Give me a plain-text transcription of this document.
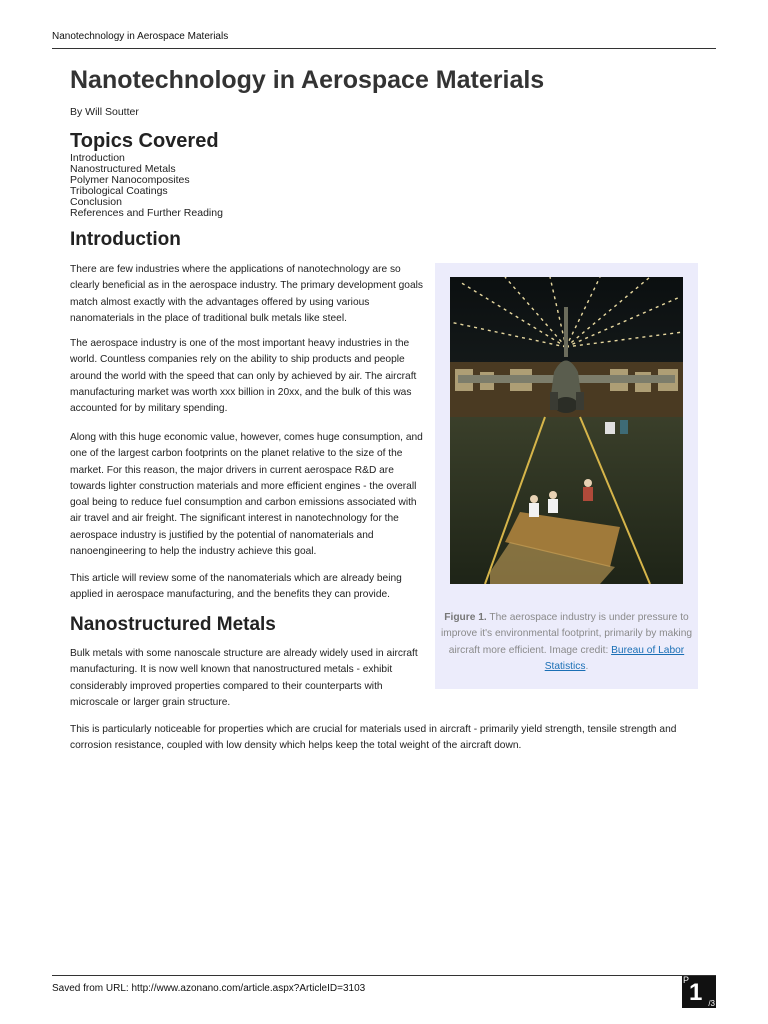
Nanotechnology in Aerospace Materials
Nanotechnology in Aerospace Materials
By Will Soutter
Topics Covered
Introduction
Nanostructured Metals
Polymer Nanocomposites
Tribological Coatings
Conclusion
References and Further Reading
Introduction

There are few industries where the applications of nanotechnology are so clearly beneficial as in the aerospace industry. The primary development goals match almost exactly with the advantages offered by using various nanomaterials in the place of traditional bulk metals like steel.

The aerospace industry is one of the most important heavy industries in the world. Countless companies rely on the ability to ship products and people around the world with the speed that can only by achieved by air. The aircraft manufacturing market was worth xxx billion in 20xx, and the bulk of this was accounted for by military spending.

Along with this huge economic value, however, comes huge consumption, and one of the largest carbon footprints on the planet relative to the size of the market. For this reason, the major drivers in current aerospace R&D are towards lighter construction materials and more efficient engines - the overall goal being to reduce fuel consumption and carbon emissions associated with air travel and air freight. The significant interest in nanotechnology for the aerospace industry is justified by the potential of nanomaterials and nanoengineering to help the industry achieve this goal.

This article will review some of the nanomaterials which are already being applied in aerospace manufacturing, and the benefits they can provide.

Nanostructured Metals

Bulk metals with some nanoscale structure are already widely used in aircraft manufacturing. It is now well known that nanostructured metals - exhibit considerably improved properties compared to their counterparts with microscale or larger grain structure.

This is particularly noticeable for properties which are crucial for materials used in aircraft - primarily yield strength, tensile strength and corrosion resistance, coupled with low density which helps keep the total weight of the aircraft down.

Figure 1. The aerospace industry is under pressure to improve it's environmental footprint, primarily by making aircraft more efficient. Image credit: Bureau of Labor Statistics.

Saved from URL: http://www.azonano.com/article.aspx?ArticleID=3103
P 1 /3
